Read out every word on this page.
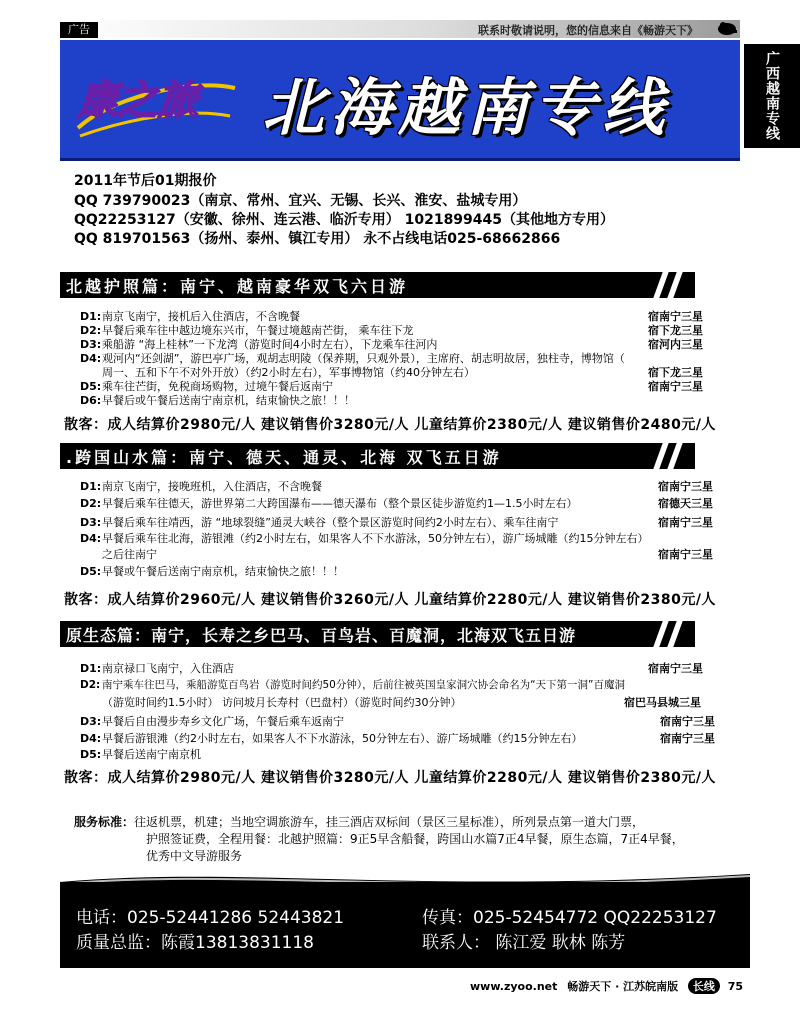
广告	联系时敬请说明，您的信息来自《畅游天下》
康之旅 北海越南专线	广西越南专线
2011年节后01期报价
QQ 739790023（南京、常州、宜兴、无锡、长兴、淮安、盐城专用）
QQ22253127（安徽、徐州、连云港、临沂专用） 1021899445（其他地方专用）
QQ 819701563（扬州、泰州、镇江专用） 永不占线电话025-68662866
北越护照篇：南宁、越南豪华双飞六日游
D1:南京飞南宁，接机后入住酒店，不含晚餐	宿南宁三星
D2:早餐后乘车往中越边境东兴市，午餐过境越南芒街， 乘车往下龙	宿下龙三星
D3:乘船游 “海上桂林”一下龙湾（游览时间4小时左右），下龙乘车往河内	宿河内三星
D4:观河内“还剑湖”，游巴亭广场，观胡志明陵（保养期，只观外景），主席府、胡志明故居，独柱寺，博物馆（
周一、五和下午不对外开放）（约2小时左右），军事博物馆（约40分钟左右）	宿下龙三星
D5:乘车往芒街，免税商场购物，过境午餐后返南宁	宿南宁三星
D6:早餐后或午餐后送南宁南京机，结束愉快之旅！！！
散客：成人结算价2980元/人 建议销售价3280元/人 儿童结算价2380元/人 建议销售价2480元/人
.跨国山水篇：南宁、德天、通灵、北海 双飞五日游
D1:南京飞南宁，接晚班机，入住酒店，不含晚餐	宿南宁三星
D2:早餐后乘车往德天，游世界第二大跨国瀑布——德天瀑布（整个景区徒步游览约1—1.5小时左右）	宿德天三星
D3:早餐后乘车往靖西，游 “地球裂缝”通灵大峡谷（整个景区游览时间约2小时左右）、乘车往南宁	宿南宁三星
D4:早餐后乘车往北海，游银滩（约2小时左右，如果客人不下水游泳，50分钟左右），游广场城雕（约15分钟左右）
之后往南宁	宿南宁三星
D5:早餐或午餐后送南宁南京机，结束愉快之旅！！！
散客：成人结算价2960元/人 建议销售价3260元/人 儿童结算价2280元/人 建议销售价2380元/人
原生态篇：南宁，长寿之乡巴马、百鸟岩、百魔洞，北海双飞五日游
D1:南京禄口飞南宁，入住酒店	宿南宁三星
D2: 南宁乘车往巴马，乘船游览百鸟岩（游览时间约50分钟），后前往被英国皇家洞穴协会命名为“天下第一洞”百魔洞
（游览时间约1.5小时） 访问坡月长寿村（巴盘村）（游览时间约30分钟）	宿巴马县城三星
D3:早餐后自由漫步寿乡文化广场，午餐后乘车返南宁	宿南宁三星
D4:早餐后游银滩（约2小时左右，如果客人不下水游泳，50分钟左右）、游广场城雕（约15分钟左右）	宿南宁三星
D5:早餐后送南宁南京机
散客：成人结算价2980元/人 建议销售价3280元/人 儿童结算价2280元/人 建议销售价2380元/人
服务标准：往返机票，机建；当地空调旅游车，挂三酒店双标间（景区三星标准），所列景点第一道大门票，
护照签证费，全程用餐：北越护照篇：9正5早含船餐，跨国山水篇7正4早餐，原生态篇，7正4早餐，
优秀中文导游服务
电话：025-52441286 52443821	传真：025-52454772 QQ22253127
质量总监：陈霞13813831118	联系人： 陈江爱 耿林 陈芳
www.zyoo.net 畅游天下 · 江苏皖南版 长线 75
